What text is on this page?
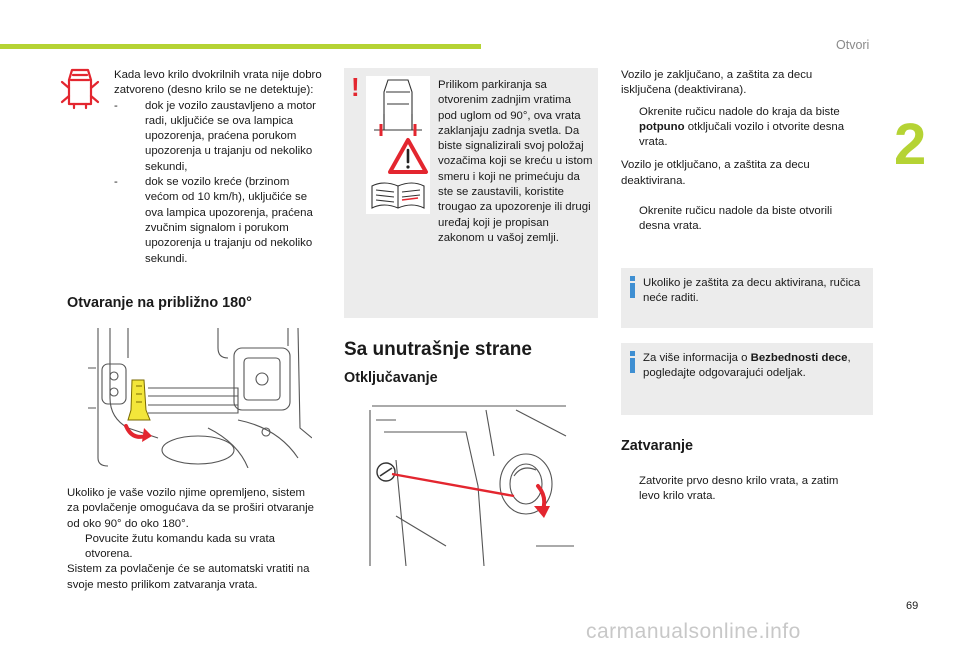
Otvori
2
69
carmanualsonline.info

Kada levo krilo dvokrilnih vrata nije dobro zatvoreno (desno krilo se ne detektuje):

- dok je vozilo zaustavljeno a motor radi, uključiće se ova lampica upozorenja, praćena porukom upozorenja u trajanju od nekoliko sekundi,

- dok se vozilo kreće (brzinom većom od 10 km/h), uključiće se ova lampica upozorenja, praćena zvučnim signalom i porukom upozorenja u trajanju od nekoliko sekundi.

Otvaranje na približno 180°

Ukoliko je vaše vozilo njime opremljeno, sistem za povlačenje omogućava da se proširi otvaranje od oko 90° do oko 180°.

Povucite žutu komandu kada su vrata otvorena.

Sistem za povlačenje će se automatski vratiti na svoje mesto prilikom zatvaranja vrata.

!	Prilikom parkiranja sa otvorenim zadnjim vratima pod uglom od 90°, ova vrata zaklanjaju zadnja svetla. Da biste signalizirali svoj položaj vozačima koji se kreću u istom smeru i koji ne primećuju da ste se zaustavili, koristite trougao za upozorenje ili drugi uređaj koji je propisan zakonom u vašoj zemlji.
Sa unutrašnje strane
Otključavanje

Vozilo je zaključano, a zaštita za decu isključena (deaktivirana).

Okrenite ručicu nadole do kraja da biste potpuno otključali vozilo i otvorite desna vrata.

Vozilo je otključano, a zaštita za decu deaktivirana.

Okrenite ručicu nadole da biste otvorili desna vrata.

Ukoliko je zaštita za decu aktivirana, ručica neće raditi.
Za više informacija o Bezbednosti dece, pogledajte odgovarajući odeljak.
Zatvaranje

Zatvorite prvo desno krilo vrata, a zatim levo krilo vrata.
